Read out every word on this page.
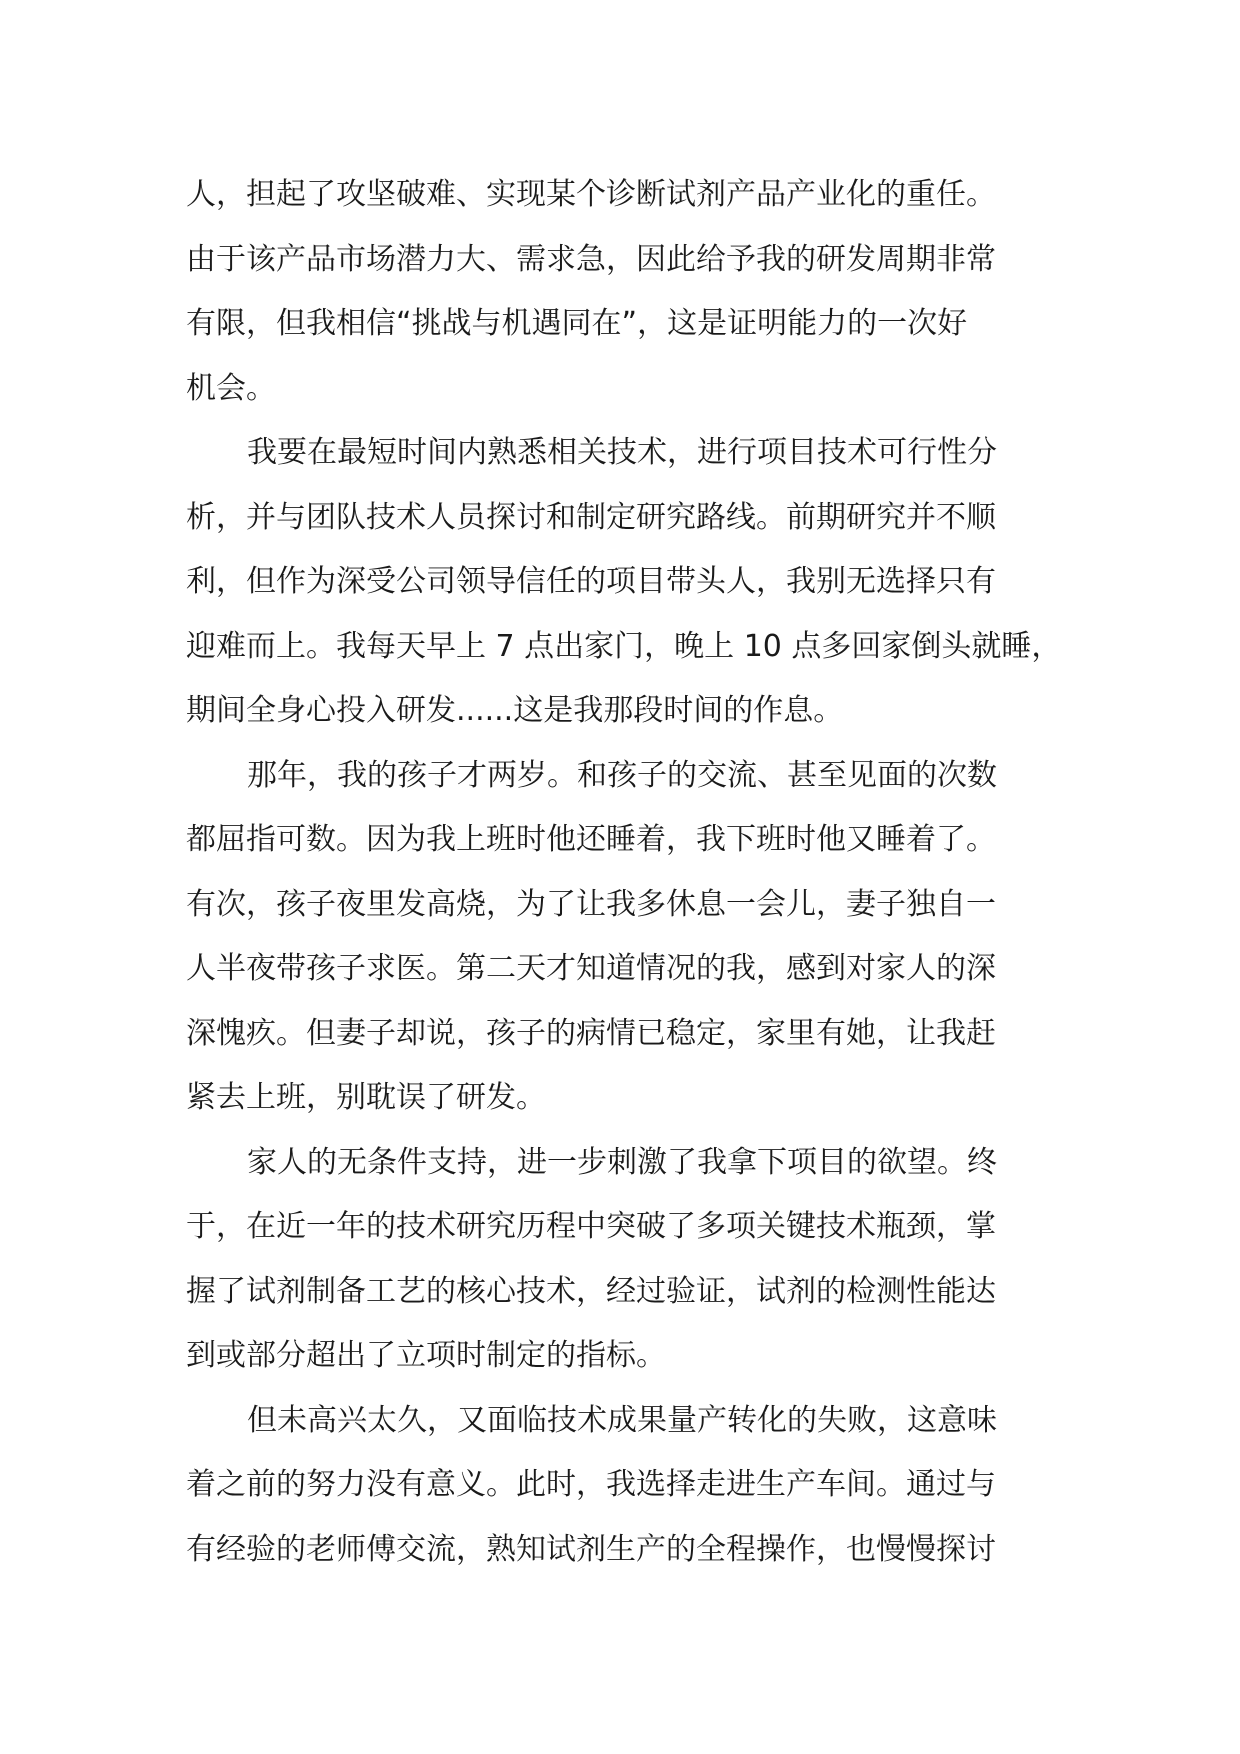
人，担起了攻坚破难、实现某个诊断试剂产品产业化的重任。
由于该产品市场潜力大、需求急，因此给予我的研发周期非常
有限，但我相信“挑战与机遇同在”，这是证明能力的一次好
机会。
我要在最短时间内熟悉相关技术，进行项目技术可行性分
析，并与团队技术人员探讨和制定研究路线。前期研究并不顺
利，但作为深受公司领导信任的项目带头人，我别无选择只有
迎难而上。我每天早上 7 点出家门，晚上 10 点多回家倒头就睡，
期间全身心投入研发......这是我那段时间的作息。
那年，我的孩子才两岁。和孩子的交流、甚至见面的次数
都屈指可数。因为我上班时他还睡着，我下班时他又睡着了。
有次，孩子夜里发高烧，为了让我多休息一会儿，妻子独自一
人半夜带孩子求医。第二天才知道情况的我，感到对家人的深
深愧疚。但妻子却说，孩子的病情已稳定，家里有她，让我赶
紧去上班，别耽误了研发。
家人的无条件支持，进一步刺激了我拿下项目的欲望。终
于，在近一年的技术研究历程中突破了多项关键技术瓶颈，掌
握了试剂制备工艺的核心技术，经过验证，试剂的检测性能达
到或部分超出了立项时制定的指标。
但未高兴太久，又面临技术成果量产转化的失败，这意味
着之前的努力没有意义。此时，我选择走进生产车间。通过与
有经验的老师傅交流，熟知试剂生产的全程操作，也慢慢探讨
